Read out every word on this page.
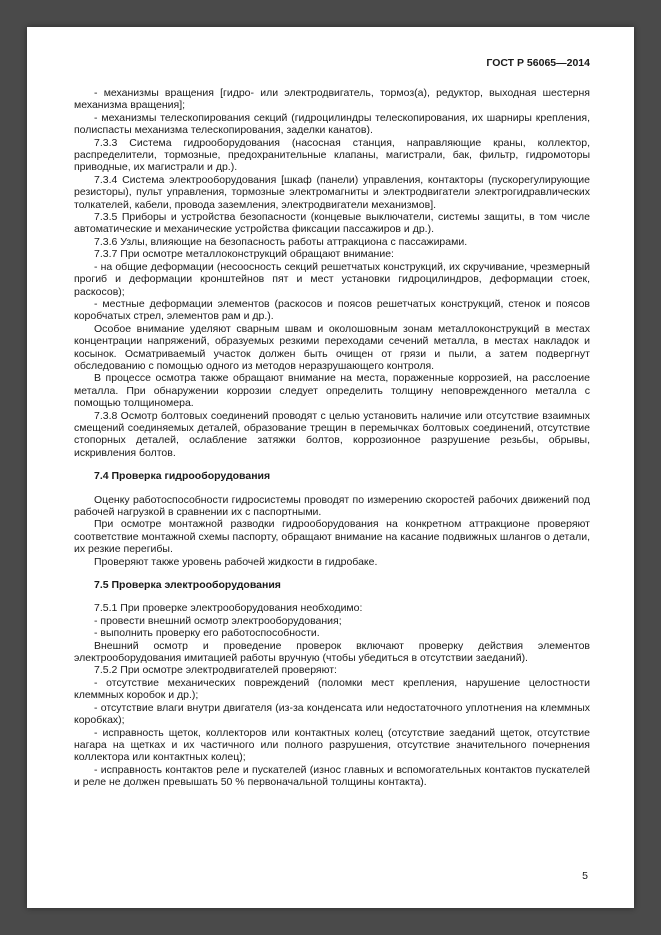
ГОСТ Р 56065—2014

- механизмы вращения [гидро- или электродвигатель, тормоз(а), редуктор, выходная шестерня механизма вращения];

- механизмы телескопирования секций (гидроцилиндры телескопирования, их шарниры крепления, полиспасты механизма телескопирования, заделки канатов).

7.3.3 Система гидрооборудования (насосная станция, направляющие краны, коллектор, распределители, тормозные, предохранительные клапаны, магистрали, бак, фильтр, гидромоторы приводные, их магистрали и др.).

7.3.4 Система электрооборудования [шкаф (панели) управления, контакторы (пускорегулирующие резисторы), пульт управления, тормозные электромагниты и электродвигатели электрогидравлических толкателей, кабели, провода заземления, электродвигатели механизмов].

7.3.5 Приборы и устройства безопасности (концевые выключатели, системы защиты, в том числе автоматические и механические устройства фиксации пассажиров и др.).

7.3.6 Узлы, влияющие на безопасность работы аттракциона с пассажирами.

7.3.7 При осмотре металлоконструкций обращают внимание:

- на общие деформации (несоосность секций решетчатых конструкций, их скручивание, чрезмерный прогиб и деформации кронштейнов пят и мест установки гидроцилиндров, деформации стоек, раскосов);

- местные деформации элементов (раскосов и поясов решетчатых конструкций, стенок и поясов коробчатых стрел, элементов рам и др.).

Особое внимание уделяют сварным швам и околошовным зонам металлоконструкций в местах концентрации напряжений, образуемых резкими переходами сечений металла, в местах накладок и косынок. Осматриваемый участок должен быть очищен от грязи и пыли, а затем подвергнут обследованию с помощью одного из методов неразрушающего контроля.

В процессе осмотра также обращают внимание на места, пораженные коррозией, на расслоение металла. При обнаружении коррозии следует определить толщину неповрежденного металла с помощью толщиномера.

7.3.8 Осмотр болтовых соединений проводят с целью установить наличие или отсутствие взаимных смещений соединяемых деталей, образование трещин в перемычках болтовых соединений, отсутствие стопорных деталей, ослабление затяжки болтов, коррозионное разрушение резьбы, обрывы, искривления болтов.

7.4 Проверка гидрооборудования

Оценку работоспособности гидросистемы проводят по измерению скоростей рабочих движений под рабочей нагрузкой в сравнении их с паспортными.

При осмотре монтажной разводки гидрооборудования на конкретном аттракционе проверяют соответствие монтажной схемы паспорту, обращают внимание на касание подвижных шлангов о детали, их резкие перегибы.

Проверяют также уровень рабочей жидкости в гидробаке.

7.5 Проверка электрооборудования

7.5.1 При проверке электрооборудования необходимо:

- провести внешний осмотр электрооборудования;

- выполнить проверку его работоспособности.

Внешний осмотр и проведение проверок включают проверку действия элементов электрооборудования имитацией работы вручную (чтобы убедиться в отсутствии заеданий).

7.5.2 При осмотре электродвигателей проверяют:

- отсутствие механических повреждений (поломки мест крепления, нарушение целостности клеммных коробок и др.);

- отсутствие влаги внутри двигателя (из-за конденсата или недостаточного уплотнения на клеммных коробках);

- исправность щеток, коллекторов или контактных колец (отсутствие заеданий щеток, отсутствие нагара на щетках и их частичного или полного разрушения, отсутствие значительного почернения коллектора или контактных колец);

- исправность контактов реле и пускателей (износ главных и вспомогательных контактов пускателей и реле не должен превышать 50 % первоначальной толщины контакта).

5
